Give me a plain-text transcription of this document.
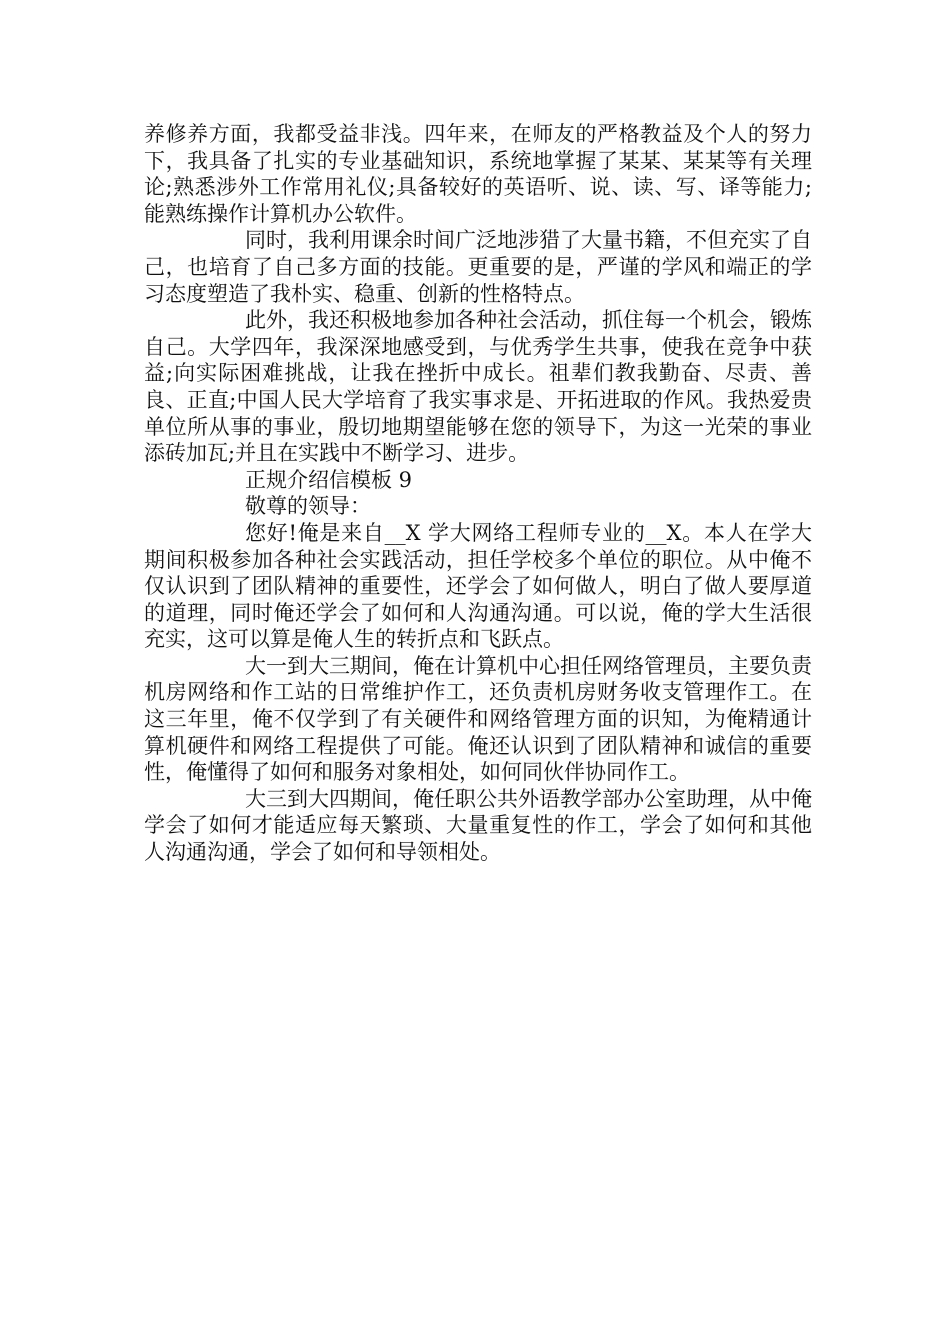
养修养方面，我都受益非浅。四年来，在师友的严格教益及个人的努力下，我具备了扎实的专业基础知识，系统地掌握了某某、某某等有关理论;熟悉涉外工作常用礼仪;具备较好的英语听、说、读、写、译等能力;能熟练操作计算机办公软件。

同时，我利用课余时间广泛地涉猎了大量书籍，不但充实了自己，也培育了自己多方面的技能。更重要的是，严谨的学风和端正的学习态度塑造了我朴实、稳重、创新的性格特点。

此外，我还积极地参加各种社会活动，抓住每一个机会，锻炼自己。大学四年，我深深地感受到，与优秀学生共事，使我在竞争中获益;向实际困难挑战，让我在挫折中成长。祖辈们教我勤奋、尽责、善良、正直;中国人民大学培育了我实事求是、开拓进取的作风。我热爱贵单位所从事的事业，殷切地期望能够在您的领导下，为这一光荣的事业添砖加瓦;并且在实践中不断学习、进步。

正规介绍信模板 9

敬尊的领导：

您好!俺是来自__X 学大网络工程师专业的__X。本人在学大期间积极参加各种社会实践活动，担任学校多个单位的职位。从中俺不仅认识到了团队精神的重要性，还学会了如何做人，明白了做人要厚道的道理，同时俺还学会了如何和人沟通沟通。可以说，俺的学大生活很充实，这可以算是俺人生的转折点和飞跃点。

大一到大三期间，俺在计算机中心担任网络管理员，主要负责机房网络和作工站的日常维护作工，还负责机房财务收支管理作工。在这三年里，俺不仅学到了有关硬件和网络管理方面的识知，为俺精通计算机硬件和网络工程提供了可能。俺还认识到了团队精神和诚信的重要性，俺懂得了如何和服务对象相处，如何同伙伴协同作工。

大三到大四期间，俺任职公共外语教学部办公室助理，从中俺学会了如何才能适应每天繁琐、大量重复性的作工，学会了如何和其他人沟通沟通，学会了如何和导领相处。
